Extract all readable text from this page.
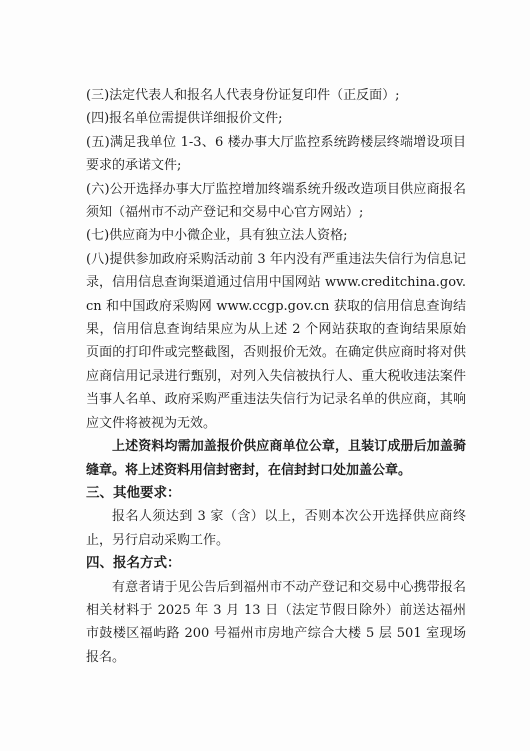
(三)法定代表人和报名人代表身份证复印件（正反面）;

(四)报名单位需提供详细报价文件;

(五)满足我单位 1-3、6 楼办事大厅监控系统跨楼层终端增设项目要求的承诺文件;

(六)公开选择办事大厅监控增加终端系统升级改造项目供应商报名须知（福州市不动产登记和交易中心官方网站）;

(七)供应商为中小微企业，具有独立法人资格;

(八)提供参加政府采购活动前 3 年内没有严重违法失信行为信息记录，信用信息查询渠道通过信用中国网站 www.creditchina.gov.cn 和中国政府采购网 www.ccgp.gov.cn 获取的信用信息查询结果，信用信息查询结果应为从上述 2 个网站获取的查询结果原始页面的打印件或完整截图，否则报价无效。在确定供应商时将对供应商信用记录进行甄别，对列入失信被执行人、重大税收违法案件当事人名单、政府采购严重违法失信行为记录名单的供应商，其响应文件将被视为无效。

上述资料均需加盖报价供应商单位公章，且装订成册后加盖骑缝章。将上述资料用信封密封，在信封封口处加盖公章。

三、其他要求：

报名人须达到 3 家（含）以上，否则本次公开选择供应商终止，另行启动采购工作。

四、报名方式：

有意者请于见公告后到福州市不动产登记和交易中心携带报名相关材料于 2025 年 3 月 13 日（法定节假日除外）前送达福州市鼓楼区福屿路 200 号福州市房地产综合大楼 5 层 501 室现场报名。
